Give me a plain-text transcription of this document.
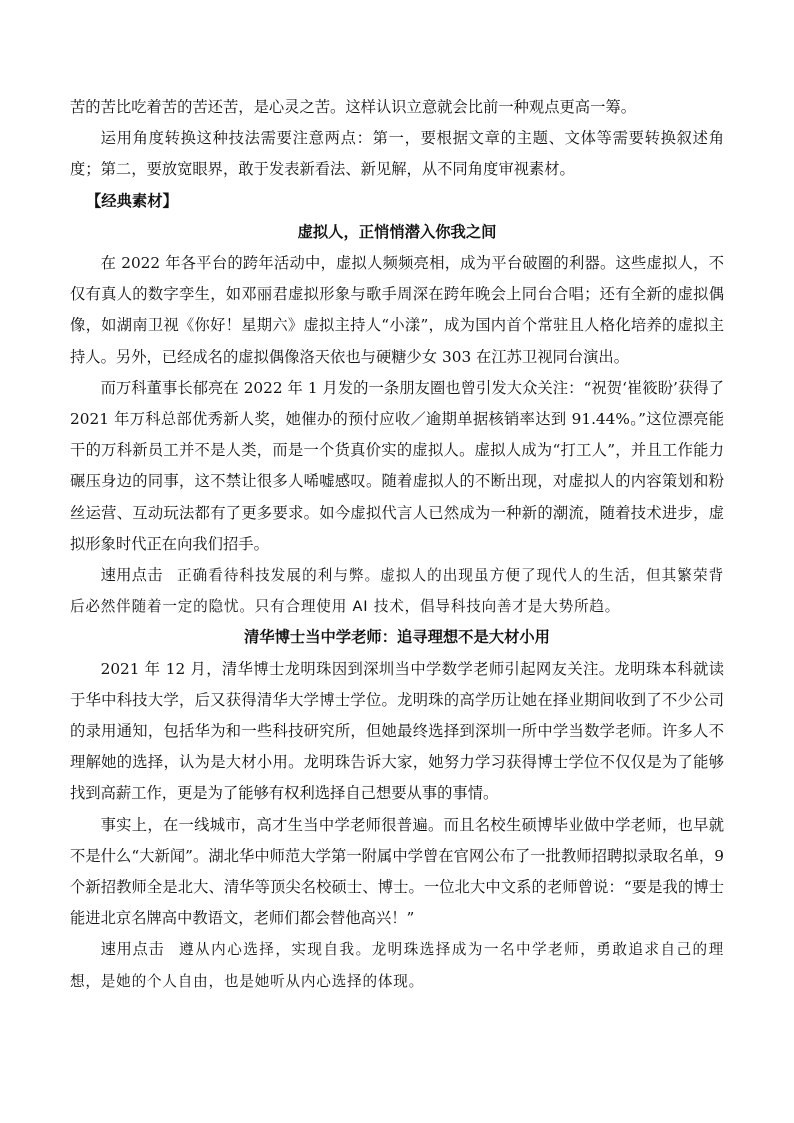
苦的苦比吃着苦的苦还苦，是心灵之苦。这样认识立意就会比前一种观点更高一筹。

运用角度转换这种技法需要注意两点：第一，要根据文章的主题、文体等需要转换叙述角度；第二，要放宽眼界，敢于发表新看法、新见解，从不同角度审视素材。

【经典素材】

虚拟人，正悄悄潜入你我之间

在 2022 年各平台的跨年活动中，虚拟人频频亮相，成为平台破圈的利器。这些虚拟人，不仅有真人的数字孪生，如邓丽君虚拟形象与歌手周深在跨年晚会上同台合唱；还有全新的虚拟偶像，如湖南卫视《你好！星期六》虚拟主持人“小漾”，成为国内首个常驻且人格化培养的虚拟主持人。另外，已经成名的虚拟偶像洛天依也与硬糖少女 303 在江苏卫视同台演出。

而万科董事长郁亮在 2022 年 1 月发的一条朋友圈也曾引发大众关注：“祝贺‘崔筱盼’获得了 2021 年万科总部优秀新人奖，她催办的预付应收／逾期单据核销率达到 91.44%。”这位漂亮能干的万科新员工并不是人类，而是一个货真价实的虚拟人。虚拟人成为“打工人”，并且工作能力碾压身边的同事，这不禁让很多人唏嘘感叹。随着虚拟人的不断出现，对虚拟人的内容策划和粉丝运营、互动玩法都有了更多要求。如今虚拟代言人已然成为一种新的潮流，随着技术进步，虚拟形象时代正在向我们招手。

速用点击 正确看待科技发展的利与弊。虚拟人的出现虽方便了现代人的生活，但其繁荣背后必然伴随着一定的隐忧。只有合理使用 AI 技术，倡导科技向善才是大势所趋。

清华博士当中学老师：追寻理想不是大材小用

2021 年 12 月，清华博士龙明珠因到深圳当中学数学老师引起网友关注。龙明珠本科就读于华中科技大学，后又获得清华大学博士学位。龙明珠的高学历让她在择业期间收到了不少公司的录用通知，包括华为和一些科技研究所，但她最终选择到深圳一所中学当数学老师。许多人不理解她的选择，认为是大材小用。龙明珠告诉大家，她努力学习获得博士学位不仅仅是为了能够找到高薪工作，更是为了能够有权利选择自己想要从事的事情。

事实上，在一线城市，高才生当中学老师很普遍。而且名校生硕博毕业做中学老师，也早就不是什么“大新闻”。湖北华中师范大学第一附属中学曾在官网公布了一批教师招聘拟录取名单，9 个新招教师全是北大、清华等顶尖名校硕士、博士。一位北大中文系的老师曾说：“要是我的博士能进北京名牌高中教语文，老师们都会替他高兴！”

速用点击 遵从内心选择，实现自我。龙明珠选择成为一名中学老师，勇敢追求自己的理想，是她的个人自由，也是她听从内心选择的体现。
